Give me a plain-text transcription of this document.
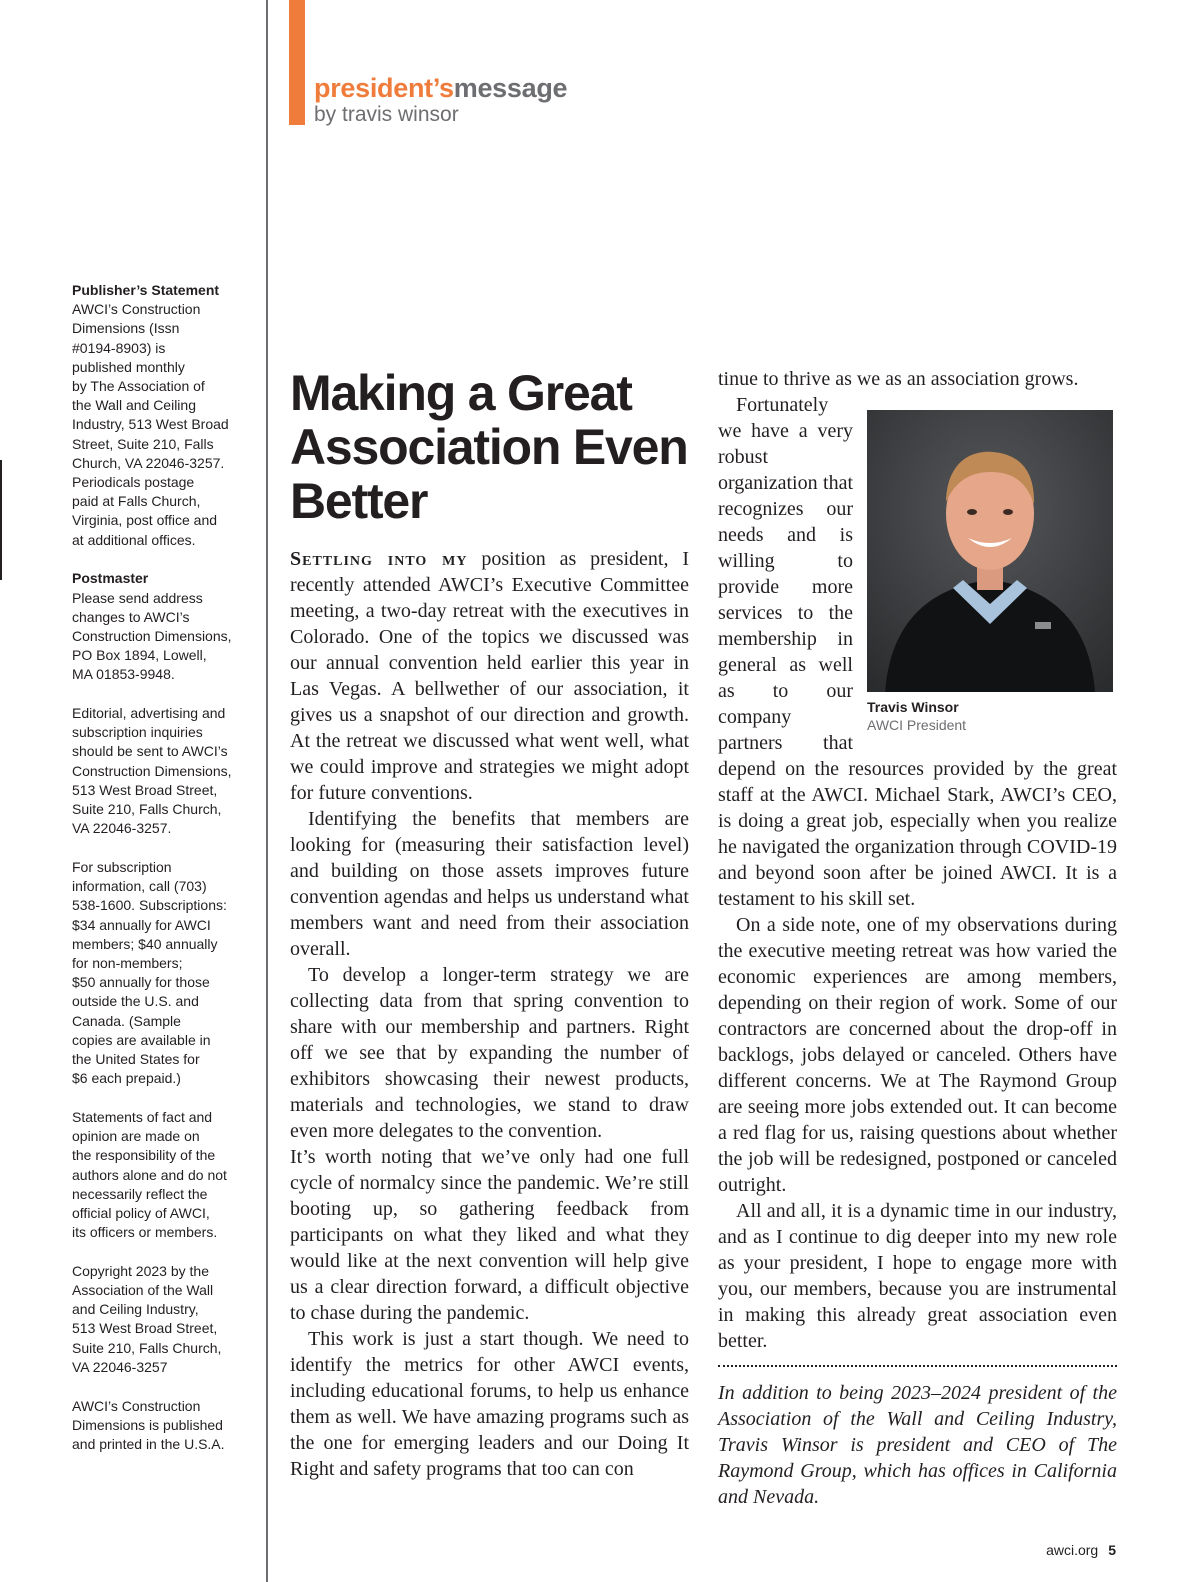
president’smessage
by travis winsor

Publisher’s Statement
AWCI’s Construction
Dimensions (Issn
#0194-8903) is
published monthly
by The Association of
the Wall and Ceiling
Industry, 513 West Broad
Street, Suite 210, Falls
Church, VA 22046-3257.
Periodicals postage
paid at Falls Church,
Virginia, post office and
at additional offices.

Postmaster
Please send address
changes to AWCI’s
Construction Dimensions,
PO Box 1894, Lowell,
MA 01853-9948.

Editorial, advertising and
subscription inquiries
should be sent to AWCI’s
Construction Dimensions,
513 West Broad Street,
Suite 210, Falls Church,
VA 22046-3257.

For subscription
information, call (703)
538-1600. Subscriptions:
$34 annually for AWCI
members; $40 annually
for non-members;
$50 annually for those
outside the U.S. and
Canada. (Sample
copies are available in
the United States for
$6 each prepaid.)

Statements of fact and
opinion are made on
the responsibility of the
authors alone and do not
necessarily reflect the
official policy of AWCI,
its officers or members.

Copyright 2023 by the
Association of the Wall
and Ceiling Industry,
513 West Broad Street,
Suite 210, Falls Church,
VA 22046-3257

AWCI’s Construction
Dimensions is published
and printed in the U.S.A.

Making a Great Association Even Better

Settling into my position as president, I recently attended AWCI’s Executive Committee meeting, a two-day retreat with the executives in Colorado. One of the topics we discussed was our annual convention held earlier this year in Las Vegas. A bellwether of our association, it gives us a snapshot of our direction and growth. At the retreat we discussed what went well, what we could improve and strategies we might adopt for future conventions.

Identifying the benefits that members are looking for (measuring their satisfaction level) and building on those assets improves future convention agendas and helps us understand what members want and need from their association overall.

To develop a longer-term strategy we are collecting data from that spring convention to share with our membership and partners. Right off we see that by expanding the number of exhibitors showcasing their newest products, materials and technologies, we stand to draw even more delegates to the convention.

It’s worth noting that we’ve only had one full cycle of normalcy since the pandemic. We’re still booting up, so gathering feedback from participants on what they liked and what they would like at the next convention will help give us a clear direction forward, a difficult objective to chase during the pandemic.

This work is just a start though. We need to identify the metrics for other AWCI events, including educational forums, to help us enhance them as well. We have amazing programs such as the one for emerging leaders and our Doing It Right and safety programs that too can con

tinue to thrive as we as an association grows.

Travis Winsor
AWCI President

Fortunately we have a very robust organization that recognizes our needs and is willing to provide more services to the membership in general as well as to our company partners that depend on the resources provided by the great staff at the AWCI. Michael Stark, AWCI’s CEO, is doing a great job, especially when you realize he navigated the organization through COVID-19 and beyond soon after be joined AWCI. It is a testament to his skill set.

On a side note, one of my observations during the executive meeting retreat was how varied the economic experiences are among members, depending on their region of work. Some of our contractors are concerned about the drop-off in backlogs, jobs delayed or canceled. Others have different concerns. We at The Raymond Group are seeing more jobs extended out. It can become a red flag for us, raising questions about whether the job will be redesigned, postponed or canceled outright.

All and all, it is a dynamic time in our industry, and as I continue to dig deeper into my new role as your president, I hope to engage more with you, our members, because you are instrumental in making this already great association even better.

In addition to being 2023–2024 president of the Association of the Wall and Ceiling Industry, Travis Winsor is president and CEO of The Raymond Group, which has offices in California and Nevada.

awci.org 5
